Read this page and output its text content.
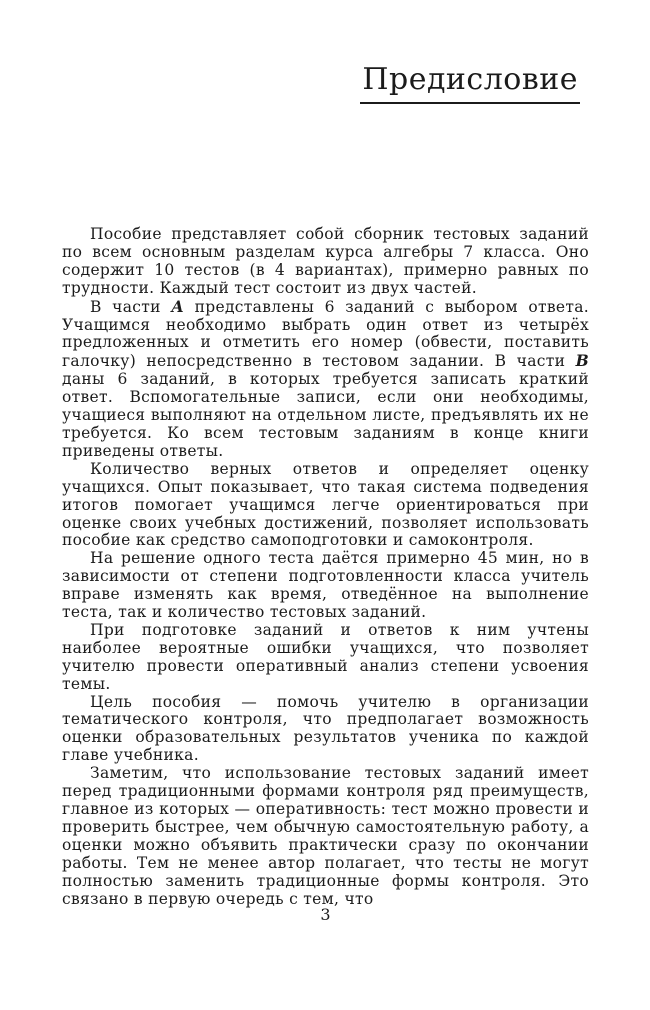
Предисловие

Пособие представляет собой сборник тестовых заданий по всем основным разделам курса алгебры 7 класса. Оно содержит 10 тестов (в 4 вариантах), примерно равных по трудности. Каждый тест состоит из двух частей.

В части А представлены 6 заданий с выбором ответа. Учащимся необходимо выбрать один ответ из четырёх предложенных и отметить его номер (обвести, поставить галочку) непосредственно в тестовом задании. В части В даны 6 заданий, в которых требуется записать краткий ответ. Вспомогательные записи, если они необходимы, учащиеся выполняют на отдельном листе, предъявлять их не требуется. Ко всем тестовым заданиям в конце книги приведены ответы.

Количество верных ответов и определяет оценку учащихся. Опыт показывает, что такая система подведения итогов помогает учащимся легче ориентироваться при оценке своих учебных достижений, позволяет использовать пособие как средство самоподготовки и самоконтроля.

На решение одного теста даётся примерно 45 мин, но в зависимости от степени подготовленности класса учитель вправе изменять как время, отведённое на выполнение теста, так и количество тестовых заданий.

При подготовке заданий и ответов к ним учтены наиболее вероятные ошибки учащихся, что позволяет учителю провести оперативный анализ степени усвоения темы.

Цель пособия — помочь учителю в организации тематического контроля, что предполагает возможность оценки образовательных результатов ученика по каждой главе учебника.

Заметим, что использование тестовых заданий имеет перед традиционными формами контроля ряд преимуществ, главное из которых — оперативность: тест можно провести и проверить быстрее, чем обычную самостоятельную работу, а оценки можно объявить практически сразу по окончании работы. Тем не менее автор полагает, что тесты не могут полностью заменить традиционные формы контроля. Это связано в первую очередь с тем, что

3
